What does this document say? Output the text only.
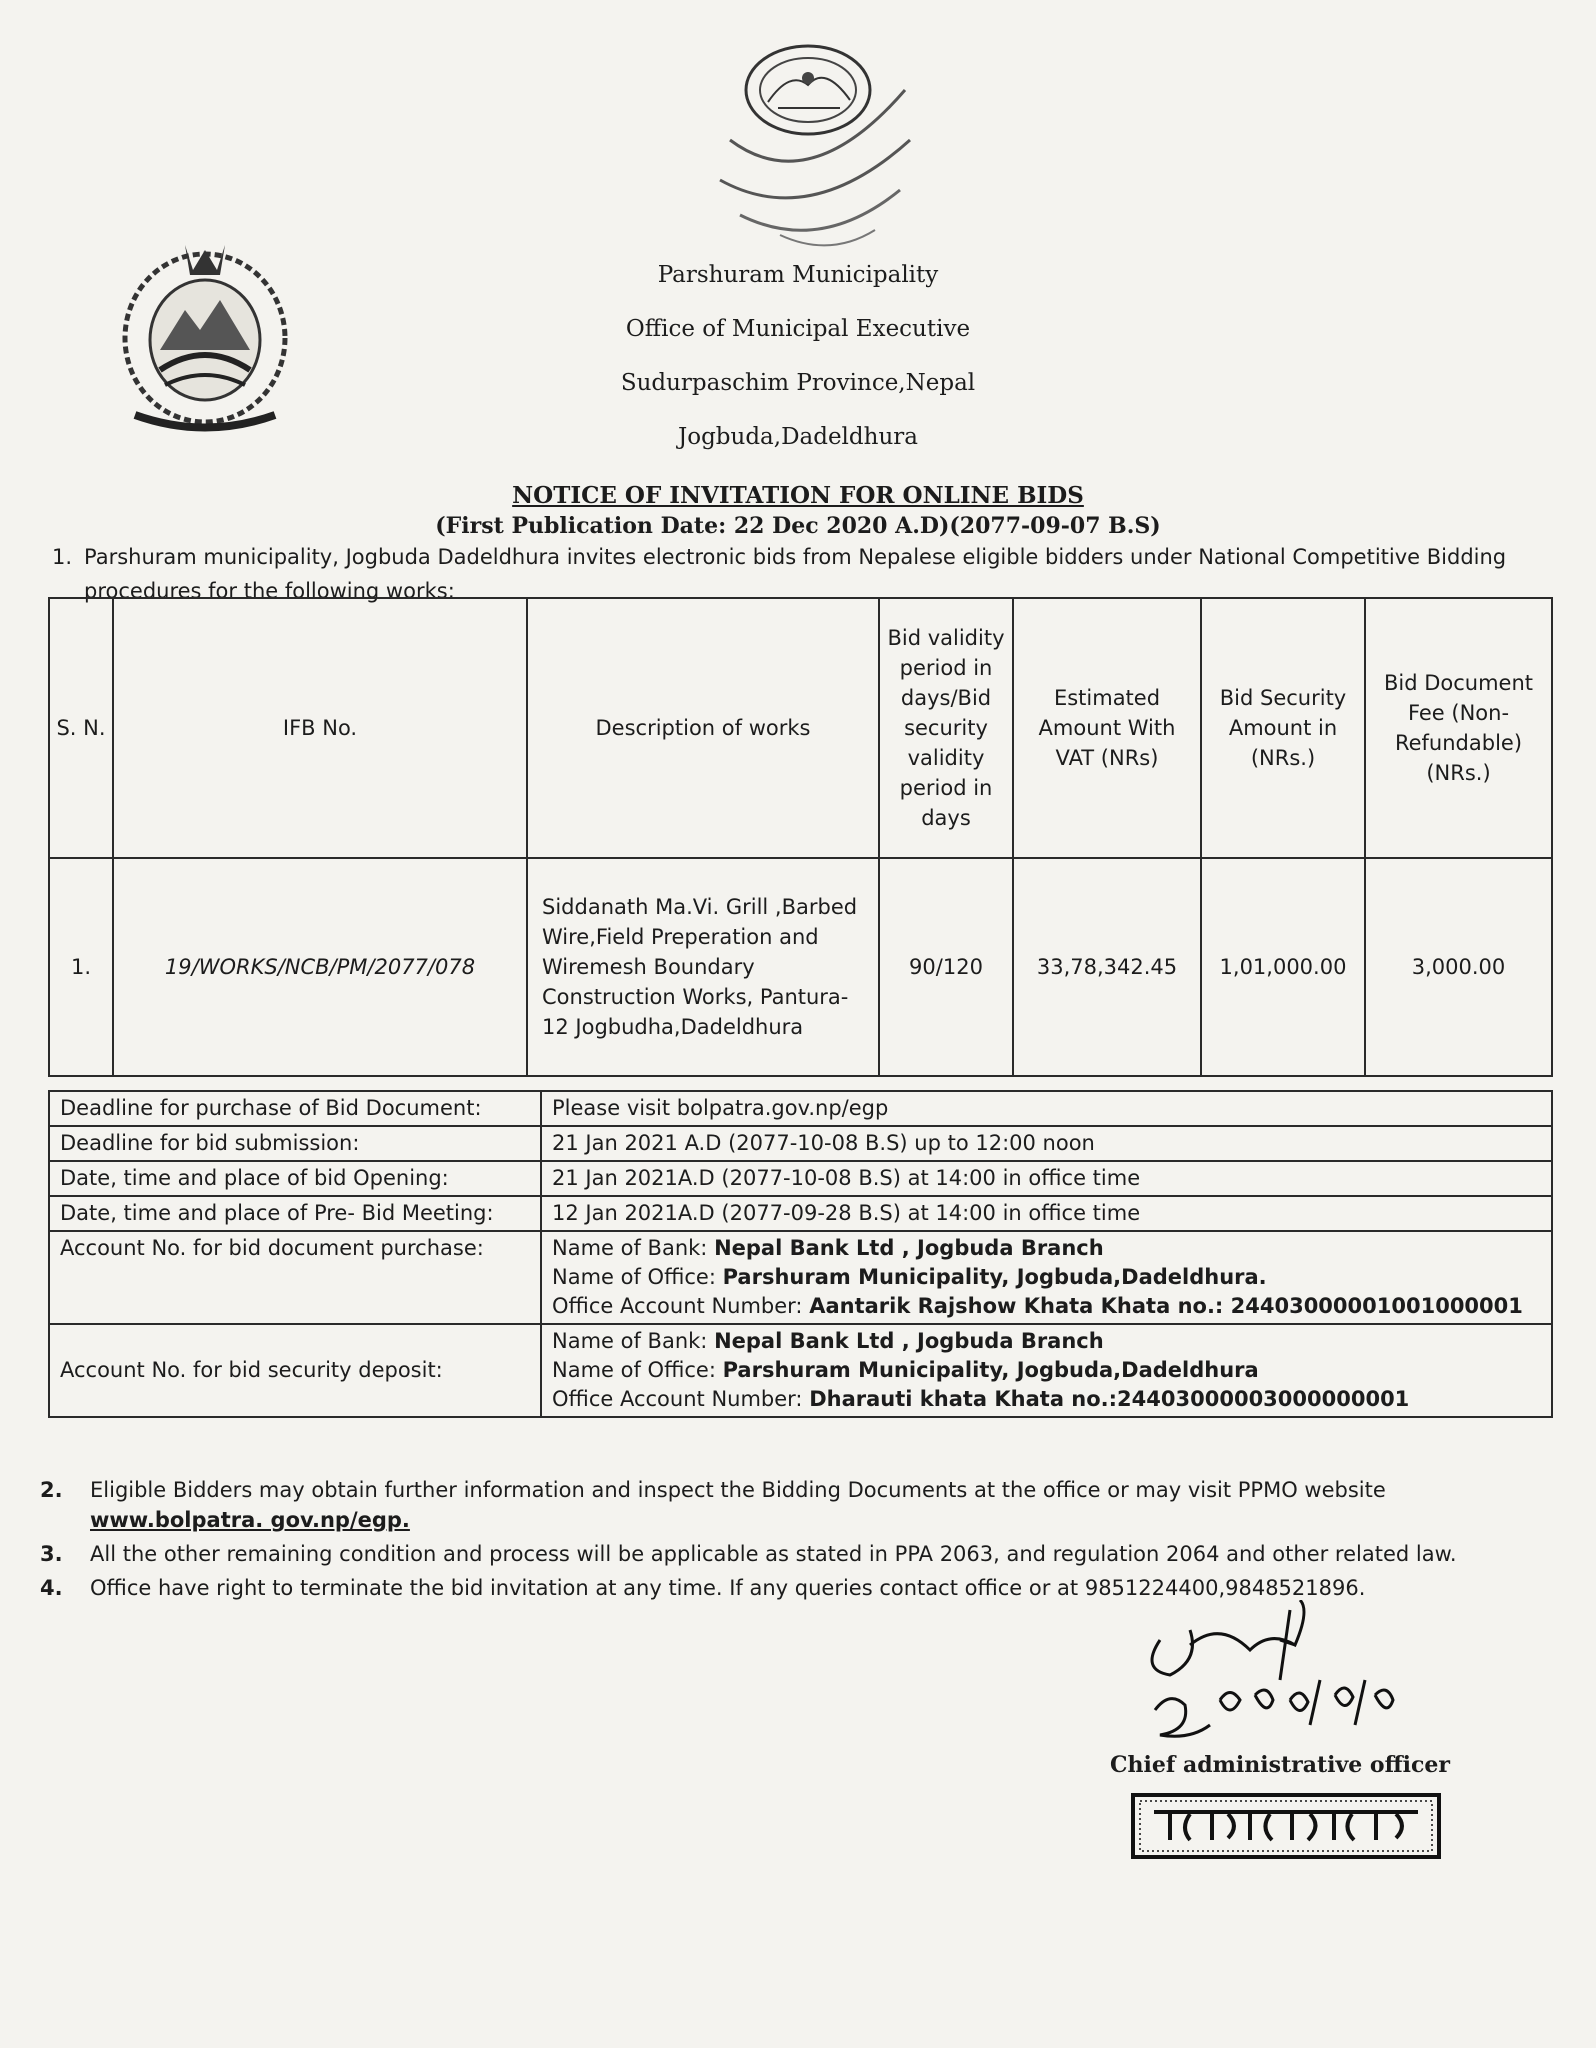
Parshuram Municipality
Office of Municipal Executive
Sudurpaschim Province,Nepal
Jogbuda,Dadeldhura
NOTICE OF INVITATION FOR ONLINE BIDS
(First Publication Date: 22 Dec 2020 A.D)(2077-09-07 B.S)
1. Parshuram municipality, Jogbuda Dadeldhura invites electronic bids from Nepalese eligible bidders under National Competitive Bidding procedures for the following works:
S. N.	IFB No.	Description of works	Bid validity period in days/Bid security validity period in days	Estimated Amount With VAT (NRs)	Bid Security Amount in (NRs.)	Bid Document Fee (Non-Refundable) (NRs.)
1.	19/WORKS/NCB/PM/2077/078	Siddanath Ma.Vi. Grill ,Barbed Wire,Field Preperation and Wiremesh Boundary Construction Works, Pantura-12 Jogbudha,Dadeldhura	90/120	33,78,342.45	1,01,000.00	3,000.00
Deadline for purchase of Bid Document:	Please visit bolpatra.gov.np/egp
Deadline for bid submission:	21 Jan 2021 A.D (2077-10-08 B.S) up to 12:00 noon
Date, time and place of bid Opening:	21 Jan 2021A.D (2077-10-08 B.S) at 14:00 in office time
Date, time and place of Pre- Bid Meeting:	12 Jan 2021A.D (2077-09-28 B.S) at 14:00 in office time
Account No. for bid document purchase:	Name of Bank: Nepal Bank Ltd , Jogbuda Branch
Name of Office: Parshuram Municipality, Jogbuda,Dadeldhura.
Office Account Number: Aantarik Rajshow Khata Khata no.: 24403000001001000001

Account No. for bid security deposit:	Name of Bank: Nepal Bank Ltd , Jogbuda Branch
Name of Office: Parshuram Municipality, Jogbuda,Dadeldhura
Office Account Number: Dharauti khata Khata no.:24403000003000000001
2. Eligible Bidders may obtain further information and inspect the Bidding Documents at the office or may visit PPMO website www.bolpatra. gov.np/egp.
3. All the other remaining condition and process will be applicable as stated in PPA 2063, and regulation 2064 and other related law.
4. Office have right to terminate the bid invitation at any time. If any queries contact office or at 9851224400,9848521896.
Chief administrative officer
